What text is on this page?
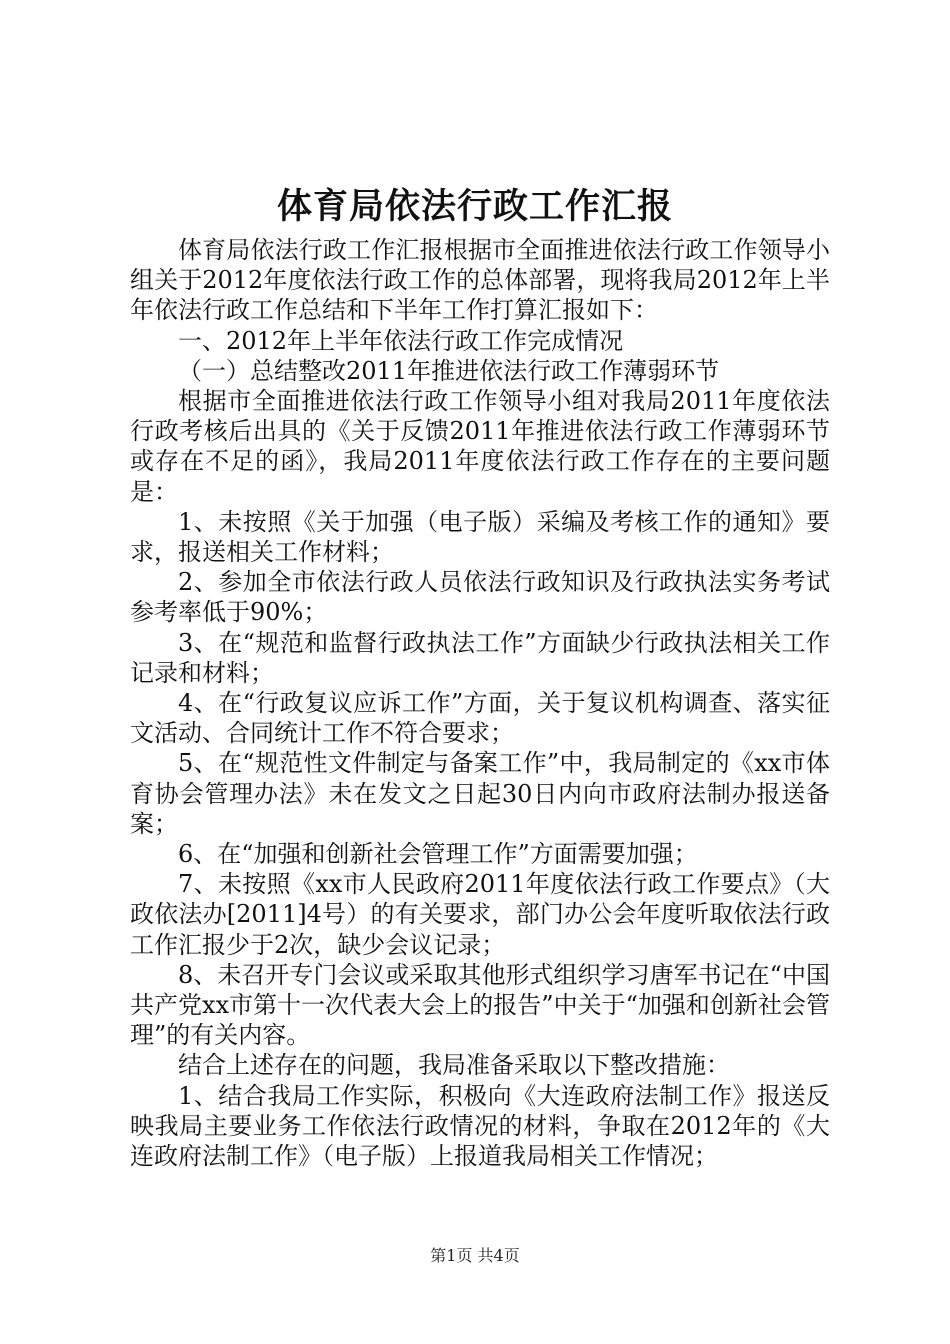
体育局依法行政工作汇报

体育局依法行政工作汇报根据市全面推进依法行政工作领导小组关于2012年度依法行政工作的总体部署，现将我局2012年上半年依法行政工作总结和下半年工作打算汇报如下：

一、2012年上半年依法行政工作完成情况

（一）总结整改2011年推进依法行政工作薄弱环节

根据市全面推进依法行政工作领导小组对我局2011年度依法行政考核后出具的《关于反馈2011年推进依法行政工作薄弱环节或存在不足的函》，我局2011年度依法行政工作存在的主要问题是：

1、未按照《关于加强（电子版）采编及考核工作的通知》要求，报送相关工作材料；

2、参加全市依法行政人员依法行政知识及行政执法实务考试参考率低于90%；

3、在“规范和监督行政执法工作”方面缺少行政执法相关工作记录和材料；

4、在“行政复议应诉工作”方面，关于复议机构调查、落实征文活动、合同统计工作不符合要求；

5、在“规范性文件制定与备案工作”中，我局制定的《xx市体育协会管理办法》未在发文之日起30日内向市政府法制办报送备案；

6、在“加强和创新社会管理工作”方面需要加强；

7、未按照《xx市人民政府2011年度依法行政工作要点》（大政依法办[2011]4号）的有关要求，部门办公会年度听取依法行政工作汇报少于2次，缺少会议记录；

8、未召开专门会议或采取其他形式组织学习唐军书记在“中国共产党xx市第十一次代表大会上的报告”中关于“加强和创新社会管理”的有关内容。

结合上述存在的问题，我局准备采取以下整改措施：

1、结合我局工作实际，积极向《大连政府法制工作》报送反映我局主要业务工作依法行政情况的材料，争取在2012年的《大连政府法制工作》（电子版）上报道我局相关工作情况；

第1页 共4页
